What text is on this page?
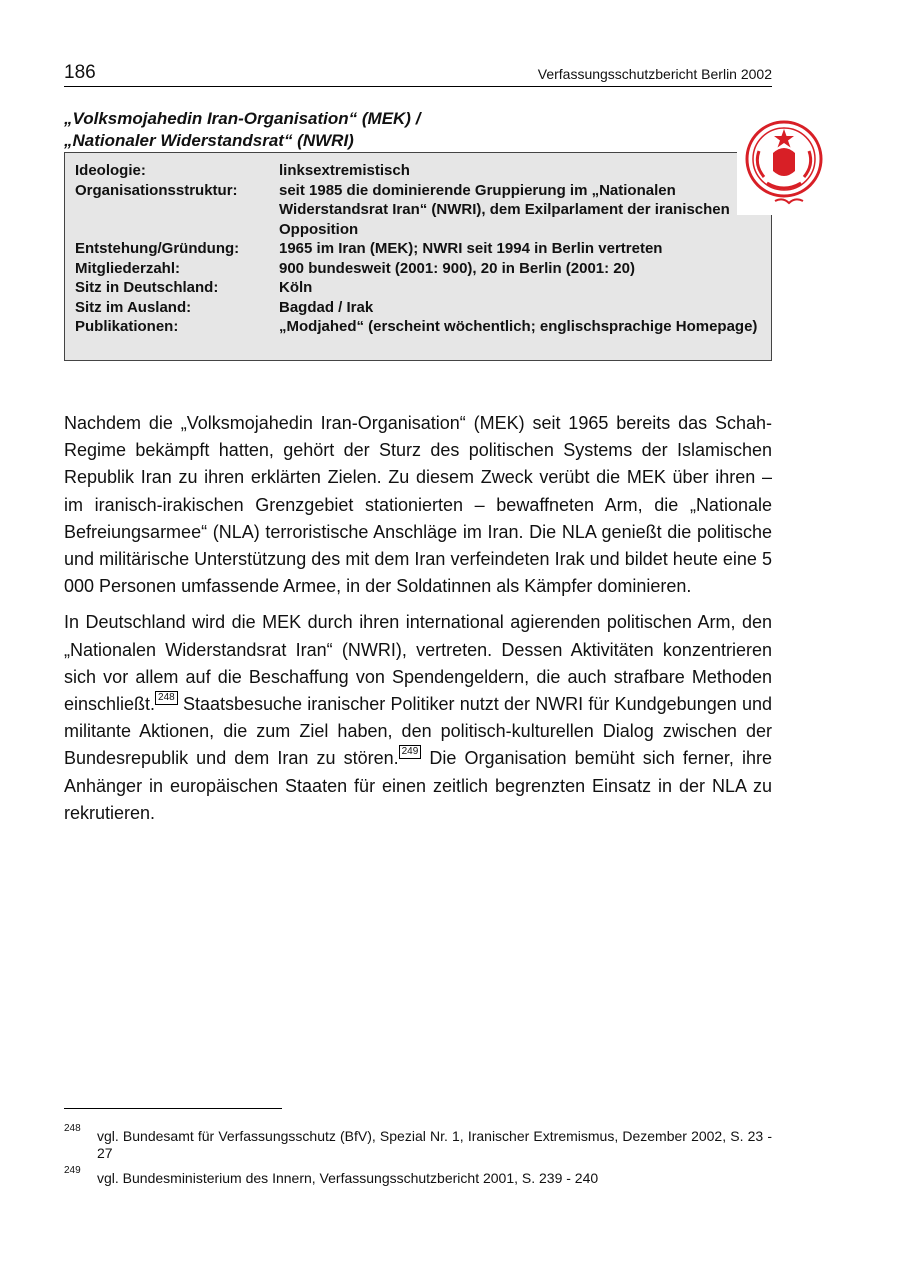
186	Verfassungsschutzbericht Berlin 2002
„Volksmojahedin Iran-Organisation“ (MEK) /
„Nationaler Widerstandsrat“ (NWRI)
Ideologie:	linksextremistisch
Organisationsstruktur:	seit 1985 die dominierende Gruppierung im „Nationalen Widerstandsrat Iran“ (NWRI), dem Exilparlament der iranischen Opposition
Entstehung/Gründung:	1965 im Iran (MEK); NWRI seit 1994 in Berlin vertreten
Mitgliederzahl:	900 bundesweit (2001: 900), 20 in Berlin (2001: 20)
Sitz in Deutschland:	Köln
Sitz im Ausland:	Bagdad / Irak
Publikationen:	„Modjahed“ (erscheint wöchentlich; englischsprachige Homepage)

Nachdem die „Volksmojahedin Iran-Organisation“ (MEK) seit 1965 bereits das Schah-Regime bekämpft hatten, gehört der Sturz des politischen Systems der Islamischen Republik Iran zu ihren erklärten Zielen. Zu diesem Zweck verübt die MEK über ihren – im iranisch-irakischen Grenzgebiet stationierten – bewaffneten Arm, die „Nationale Befreiungsarmee“ (NLA) terroristische Anschläge im Iran. Die NLA genießt die politische und militärische Unterstützung des mit dem Iran verfeindeten Irak und bildet heute eine 5 000 Personen umfassende Armee, in der Soldatinnen als Kämpfer dominieren.

In Deutschland wird die MEK durch ihren international agierenden politischen Arm, den „Nationalen Widerstandsrat Iran“ (NWRI), vertreten. Dessen Aktivitäten konzentrieren sich vor allem auf die Beschaffung von Spendengeldern, die auch strafbare Methoden einschließt. 248 Staatsbesuche iranischer Politiker nutzt der NWRI für Kundgebungen und militante Aktionen, die zum Ziel haben, den politisch-kulturellen Dialog zwischen der Bundesrepublik und dem Iran zu stören. 249 Die Organisation bemüht sich ferner, ihre Anhänger in europäischen Staaten für einen zeitlich begrenzten Einsatz in der NLA zu rekrutieren.

248 vgl. Bundesamt für Verfassungsschutz (BfV), Spezial Nr. 1, Iranischer Extremismus, Dezember 2002, S. 23 - 27
249 vgl. Bundesministerium des Innern, Verfassungsschutzbericht 2001, S. 239 - 240
